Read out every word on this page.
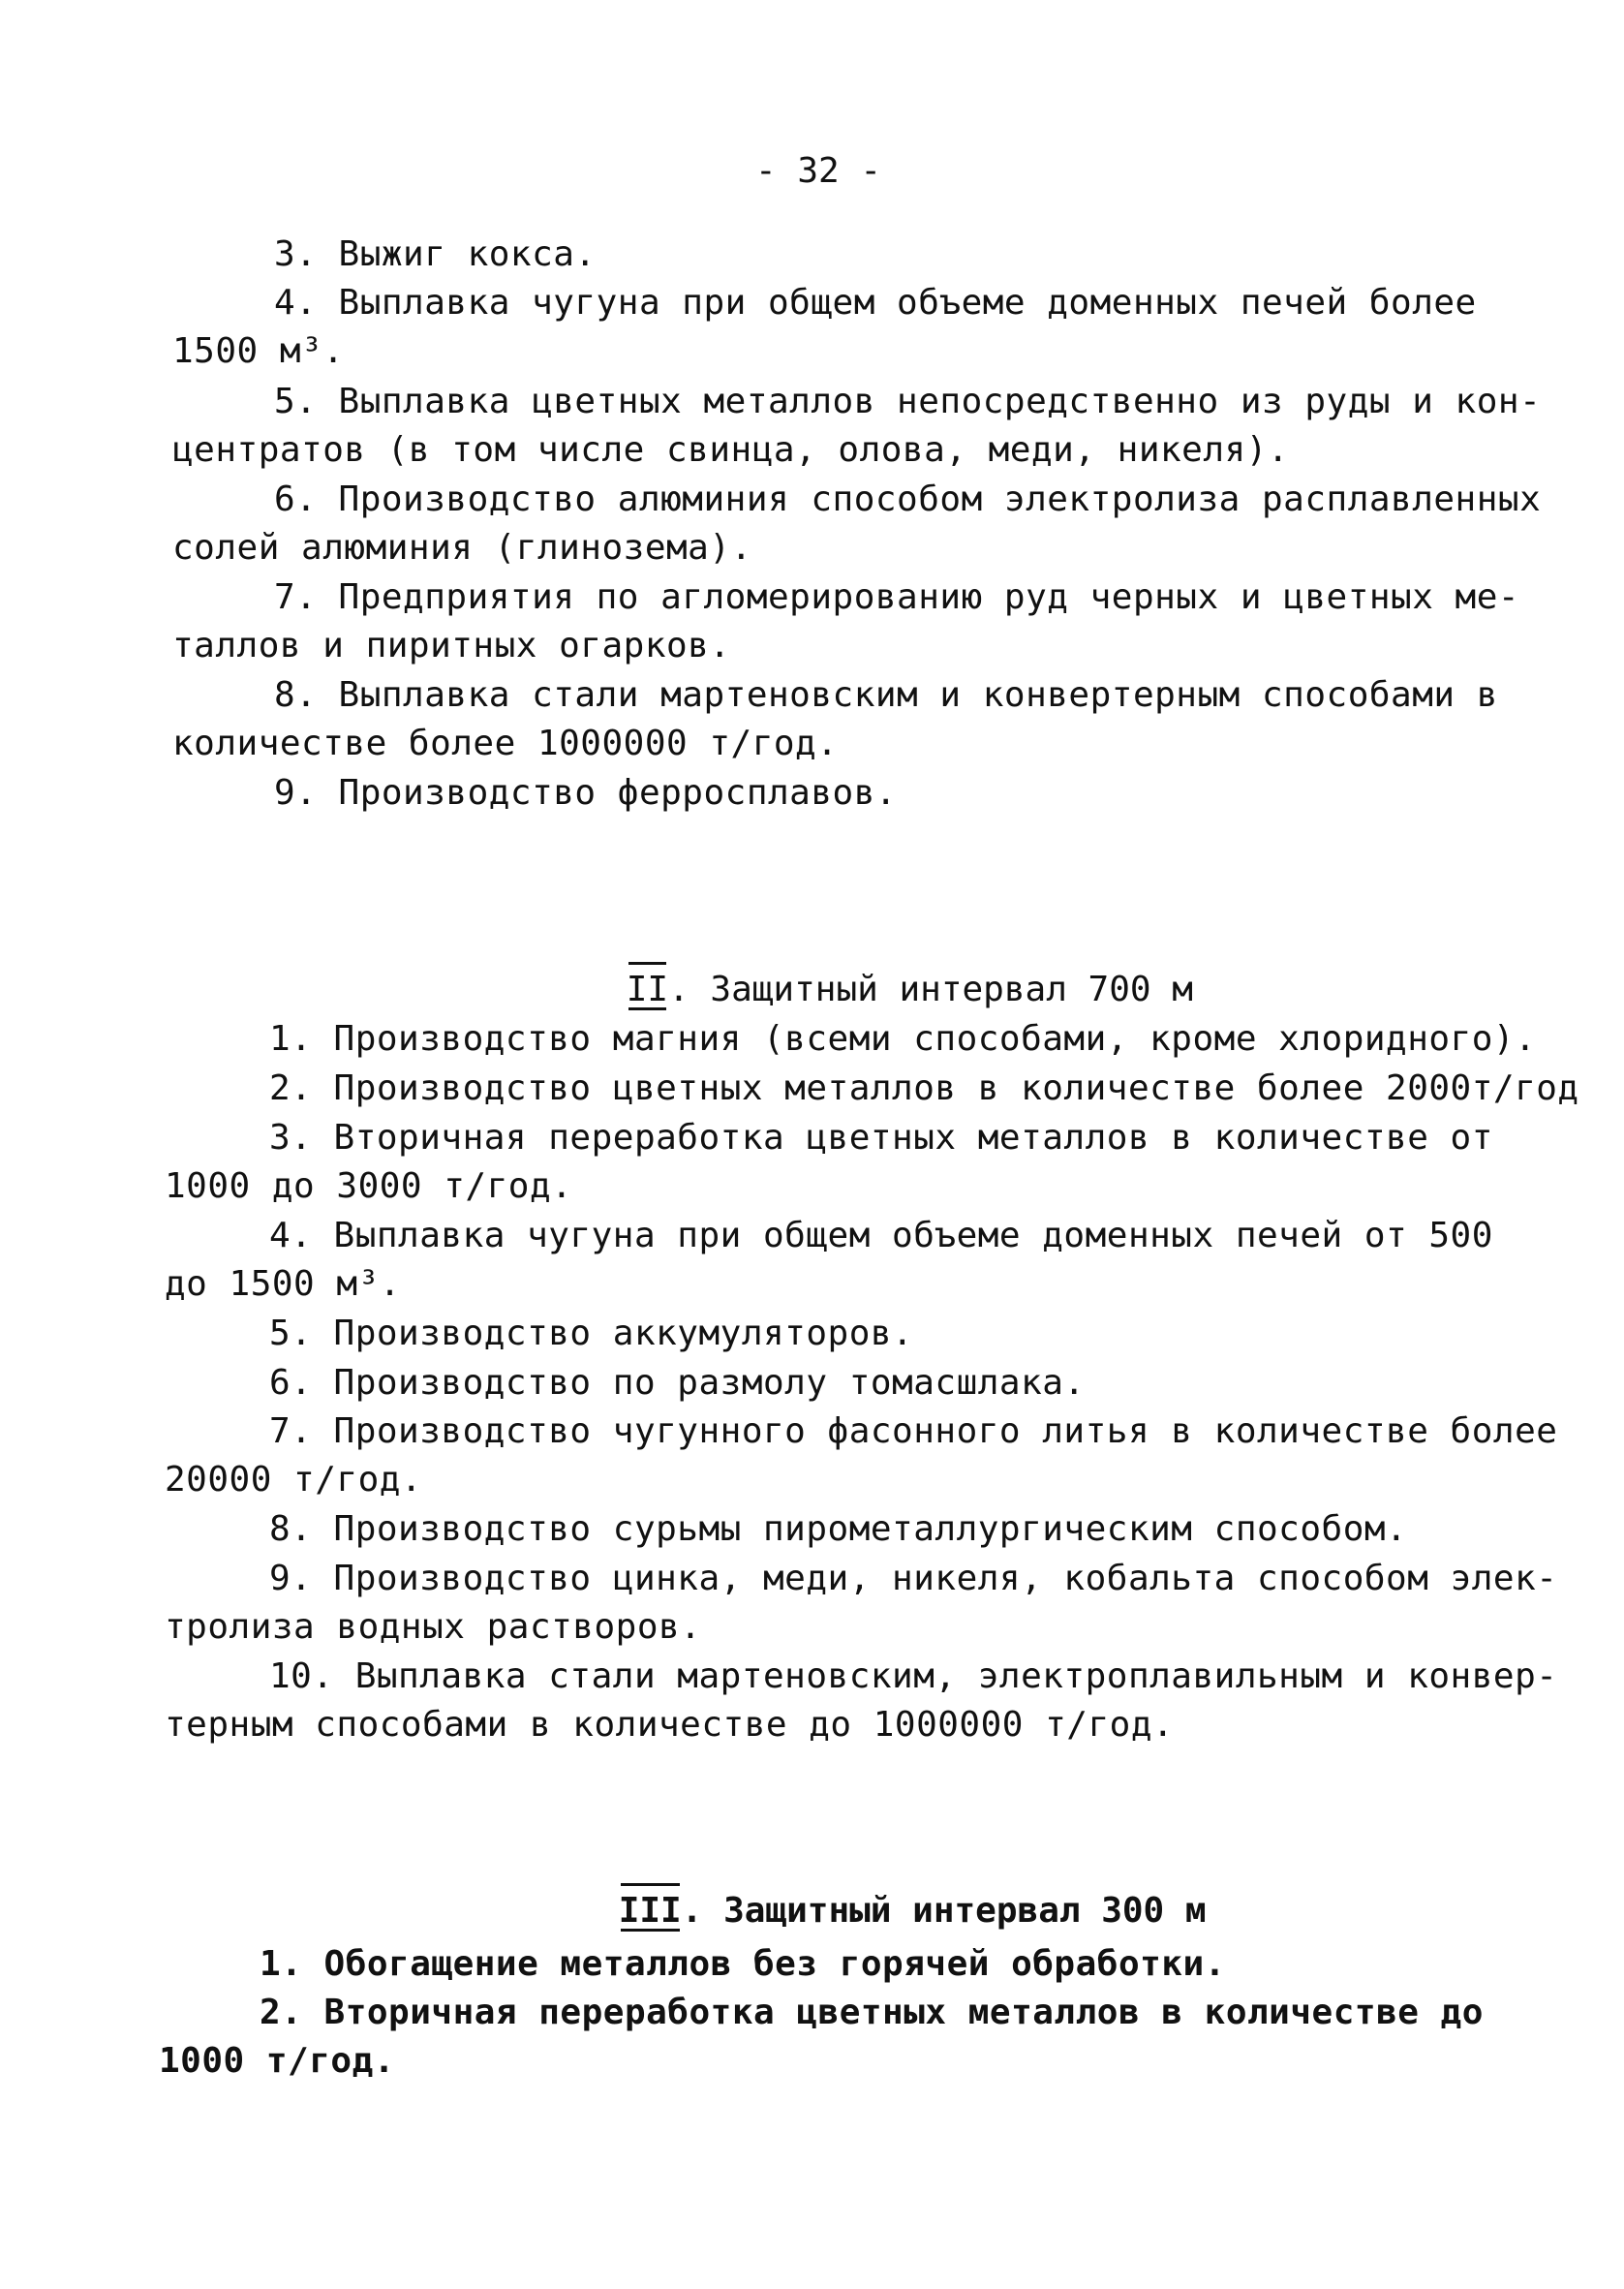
- 32 -
3. Выжиг кокса.
4. Выплавка чугуна при общем объеме доменных печей более
1500 м³.
5. Выплавка цветных металлов непосредственно из руды и кон-
центратов (в том числе свинца, олова, меди, никеля).
6. Производство алюминия способом электролиза расплавленных
солей алюминия (глинозема).
7. Предприятия по агломерированию руд черных и цветных ме-
таллов и пиритных огарков.
8. Выплавка стали мартеновским и конвертерным способами в
количестве более 1000000 т/год.
9. Производство ферросплавов.

II. Защитный интервал 700 м

1. Производство магния (всеми способами, кроме хлоридного).
2. Производство цветных металлов в количестве более 2000т/год
3. Вторичная переработка цветных металлов в количестве от
1000 до 3000 т/год.
4. Выплавка чугуна при общем объеме доменных печей от 500
до 1500 м³.
5. Производство аккумуляторов.
6. Производство по размолу томасшлака.
7. Производство чугунного фасонного литья в количестве более
20000 т/год.
8. Производство сурьмы пирометаллургическим способом.
9. Производство цинка, меди, никеля, кобальта способом элек-
тролиза водных растворов.
10. Выплавка стали мартеновским, электроплавильным и конвер-
терным способами в количестве до 1000000 т/год.

III. Защитный интервал 300 м

1. Обогащение металлов без горячей обработки.
2. Вторичная переработка цветных металлов в количестве до
1000 т/год.
